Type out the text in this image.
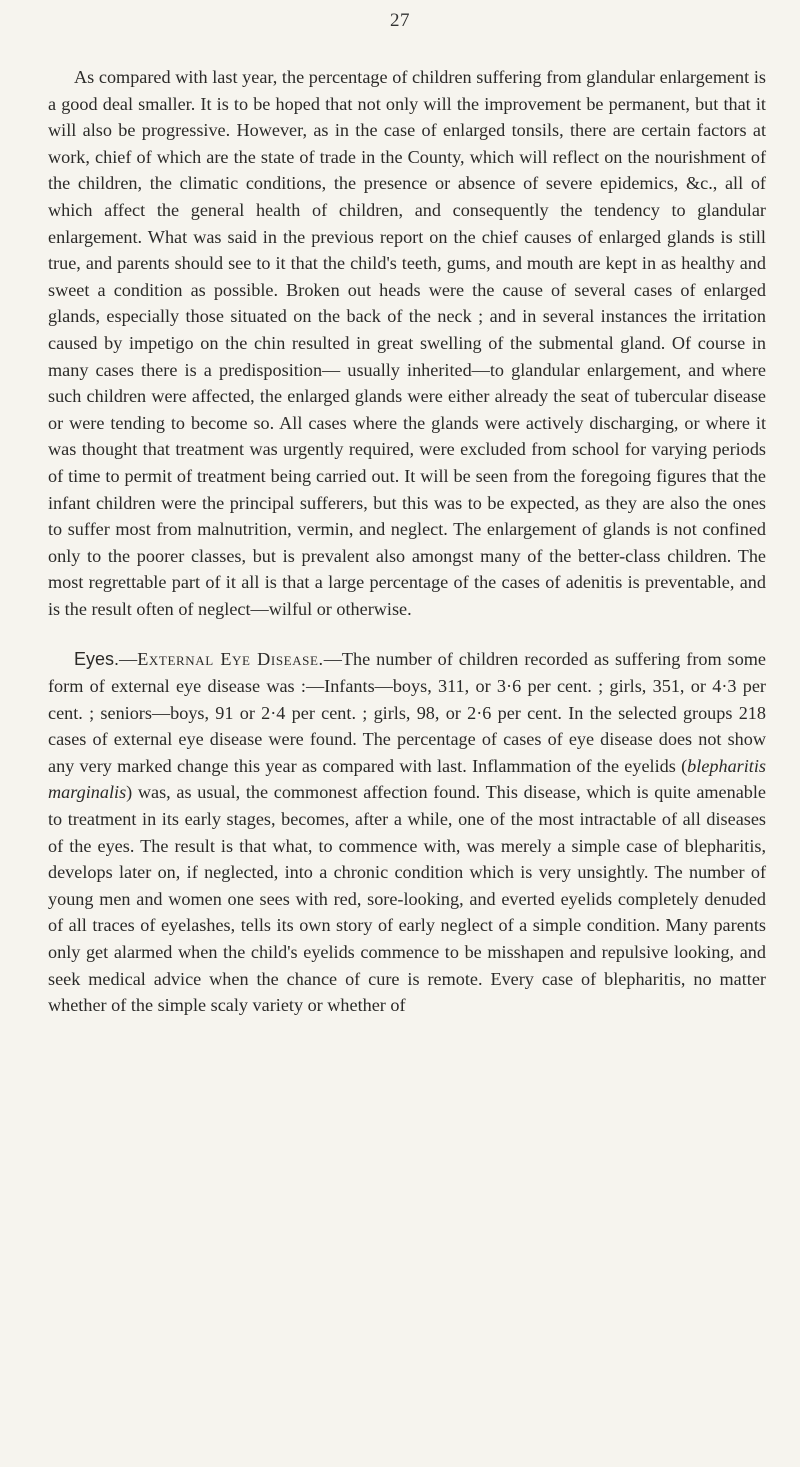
27

As compared with last year, the percentage of children suffering from glandular enlargement is a good deal smaller. It is to be hoped that not only will the improvement be permanent, but that it will also be progressive. However, as in the case of enlarged tonsils, there are certain factors at work, chief of which are the state of trade in the County, which will reflect on the nourishment of the children, the climatic conditions, the presence or absence of severe epidemics, &c., all of which affect the general health of children, and consequently the tendency to glandular enlargement. What was said in the previous report on the chief causes of enlarged glands is still true, and parents should see to it that the child's teeth, gums, and mouth are kept in as healthy and sweet a condition as possible. Broken out heads were the cause of several cases of enlarged glands, especially those situated on the back of the neck ; and in several instances the irritation caused by impetigo on the chin resulted in great swelling of the submental gland. Of course in many cases there is a predisposition— usually inherited—to glandular enlargement, and where such children were affected, the enlarged glands were either already the seat of tubercular disease or were tending to become so. All cases where the glands were actively discharging, or where it was thought that treatment was urgently required, were excluded from school for varying periods of time to permit of treatment being carried out. It will be seen from the foregoing figures that the infant children were the principal sufferers, but this was to be expected, as they are also the ones to suffer most from malnutrition, vermin, and neglect. The enlargement of glands is not confined only to the poorer classes, but is prevalent also amongst many of the better-class children. The most regrettable part of it all is that a large percentage of the cases of adenitis is preventable, and is the result often of neglect—wilful or otherwise.

Eyes.—External Eye Disease.—The number of children recorded as suffering from some form of external eye disease was :—Infants—boys, 311, or 3·6 per cent. ; girls, 351, or 4·3 per cent. ; seniors—boys, 91 or 2·4 per cent. ; girls, 98, or 2·6 per cent. In the selected groups 218 cases of external eye disease were found. The percentage of cases of eye disease does not show any very marked change this year as compared with last. Inflammation of the eyelids (blepharitis marginalis) was, as usual, the commonest affection found. This disease, which is quite amenable to treatment in its early stages, becomes, after a while, one of the most intractable of all diseases of the eyes. The result is that what, to commence with, was merely a simple case of blepharitis, develops later on, if neglected, into a chronic condition which is very unsightly. The number of young men and women one sees with red, sore-looking, and everted eyelids completely denuded of all traces of eyelashes, tells its own story of early neglect of a simple condition. Many parents only get alarmed when the child's eyelids commence to be misshapen and repulsive looking, and seek medical advice when the chance of cure is remote. Every case of blepharitis, no matter whether of the simple scaly variety or whether of
